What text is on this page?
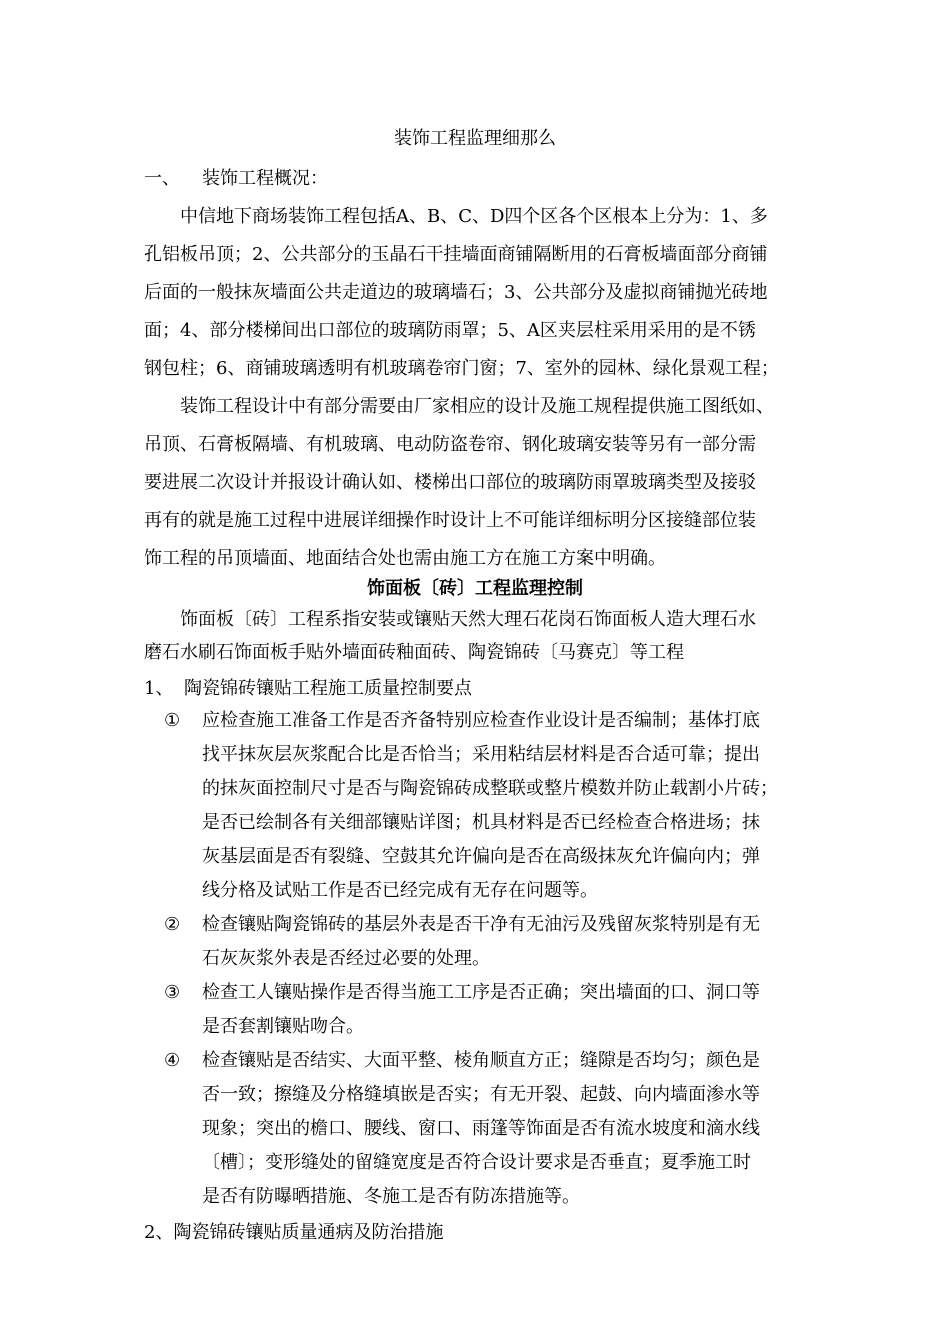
装饰工程监理细那么
一、 装饰工程概况：
中信地下商场装饰工程包括A、B、C、D四个区各个区根本上分为：1、多
孔铝板吊顶；2、公共部分的玉晶石干挂墙面商铺隔断用的石膏板墙面部分商铺
后面的一般抹灰墙面公共走道边的玻璃墙石；3、公共部分及虚拟商铺抛光砖地
面；4、部分楼梯间出口部位的玻璃防雨罩；5、A区夹层柱采用采用的是不锈
钢包柱；6、商铺玻璃透明有机玻璃卷帘门窗；7、室外的园林、绿化景观工程；
装饰工程设计中有部分需要由厂家相应的设计及施工规程提供施工图纸如、
吊顶、石膏板隔墙、有机玻璃、电动防盗卷帘、钢化玻璃安装等另有一部分需
要进展二次设计并报设计确认如、楼梯出口部位的玻璃防雨罩玻璃类型及接驳
再有的就是施工过程中进展详细操作时设计上不可能详细标明分区接缝部位装
饰工程的吊顶墙面、地面结合处也需由施工方在施工方案中明确。
饰面板〔砖〕工程监理控制
饰面板〔砖〕工程系指安装或镶贴天然大理石花岗石饰面板人造大理石水
磨石水刷石饰面板手贴外墙面砖釉面砖、陶瓷锦砖〔马赛克〕等工程
1、 陶瓷锦砖镶贴工程施工质量控制要点
① 应检查施工准备工作是否齐备特别应检查作业设计是否编制；基体打底
找平抹灰层灰浆配合比是否恰当；采用粘结层材料是否合适可靠；提出
的抹灰面控制尺寸是否与陶瓷锦砖成整联或整片模数并防止载割小片砖；
是否已绘制各有关细部镶贴详图；机具材料是否已经检查合格进场；抹
灰基层面是否有裂缝、空鼓其允许偏向是否在高级抹灰允许偏向内；弹
线分格及试贴工作是否已经完成有无存在问题等。
② 检查镶贴陶瓷锦砖的基层外表是否干净有无油污及残留灰浆特别是有无
石灰灰浆外表是否经过必要的处理。
③ 检查工人镶贴操作是否得当施工工序是否正确；突出墙面的口、洞口等
是否套割镶贴吻合。
④ 检查镶贴是否结实、大面平整、棱角顺直方正；缝隙是否均匀；颜色是
否一致；擦缝及分格缝填嵌是否实；有无开裂、起鼓、向内墙面渗水等
现象；突出的檐口、腰线、窗口、雨篷等饰面是否有流水坡度和滴水线
〔槽〕；变形缝处的留缝宽度是否符合设计要求是否垂直；夏季施工时
是否有防曝晒措施、冬施工是否有防冻措施等。
2、陶瓷锦砖镶贴质量通病及防治措施
